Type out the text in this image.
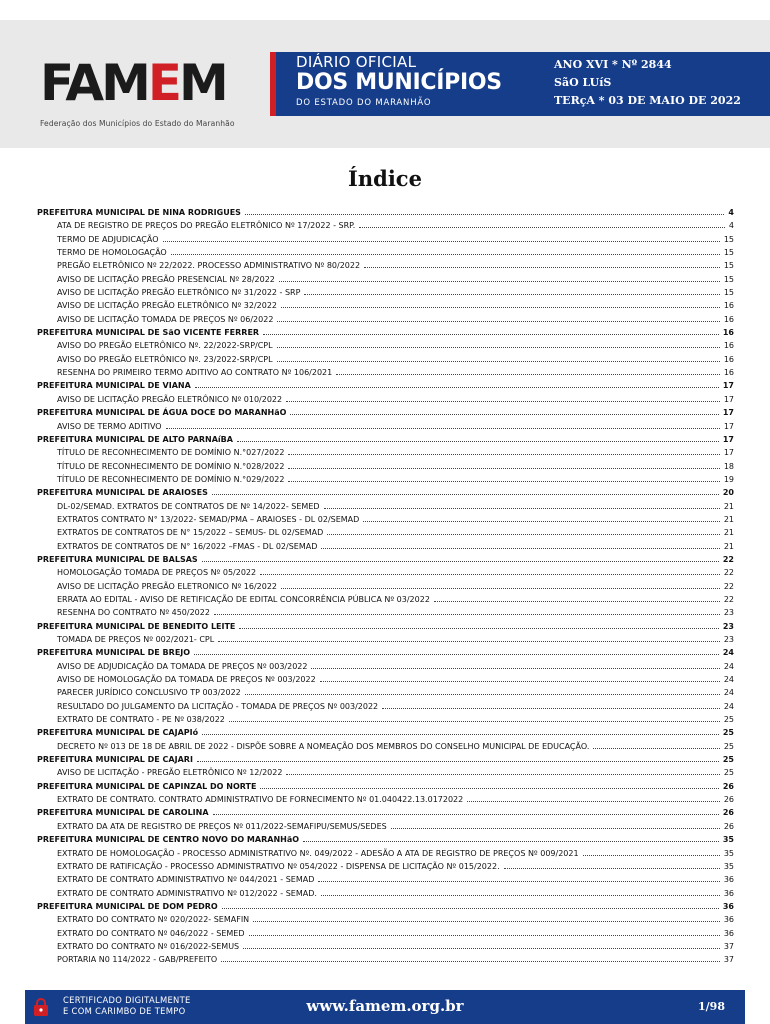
FAMEM
Federação dos Municípios do Estado do Maranhão
DIÁRIO OFICIAL
DOS MUNICÍPIOS
DO ESTADO DO MARANHÃO
ANO XVI * Nº 2844
SãO LUíS
TERçA * 03 DE MAIO DE 2022
Índice
PREFEITURA MUNICIPAL DE NINA RODRIGUES	4
ATA DE REGISTRO DE PREÇOS DO PREGÃO ELETRÔNICO Nº 17/2022 - SRP.	4
TERMO DE ADJUDICAÇÃO	15
TERMO DE HOMOLOGAÇÃO	15
PREGÃO ELETRÔNICO Nº 22/2022. PROCESSO ADMINISTRATIVO Nº 80/2022	15
AVISO DE LICITAÇÃO PREGÃO PRESENCIAL Nº 28/2022	15
AVISO DE LICITAÇÃO PREGÃO ELETRÔNICO Nº 31/2022 - SRP	15
AVISO DE LICITAÇÃO PREGÃO ELETRÔNICO Nº 32/2022	16
AVISO DE LICITAÇÃO TOMADA DE PREÇOS Nº 06/2022	16
PREFEITURA MUNICIPAL DE SãO VICENTE FERRER	16
AVISO DO PREGÃO ELETRÔNICO Nº. 22/2022-SRP/CPL	16
AVISO DO PREGÃO ELETRÔNICO Nº. 23/2022-SRP/CPL	16
RESENHA DO PRIMEIRO TERMO ADITIVO AO CONTRATO Nº 106/2021	16
PREFEITURA MUNICIPAL DE VIANA	17
AVISO DE LICITAÇÃO PREGÃO ELETRÔNICO Nº 010/2022	17
PREFEITURA MUNICIPAL DE ÁGUA DOCE DO MARANHãO	17
AVISO DE TERMO ADITIVO	17
PREFEITURA MUNICIPAL DE ALTO PARNAíBA	17
TÍTULO DE RECONHECIMENTO DE DOMÍNIO N.°027/2022	17
TÍTULO DE RECONHECIMENTO DE DOMÍNIO N.°028/2022	18
TÍTULO DE RECONHECIMENTO DE DOMÍNIO N.°029/2022	19
PREFEITURA MUNICIPAL DE ARAIOSES	20
DL-02/SEMAD. EXTRATOS DE CONTRATOS DE Nº 14/2022- SEMED	21
EXTRATOS CONTRATO N° 13/2022- SEMAD/PMA – ARAIOSES - DL 02/SEMAD	21
EXTRATOS DE CONTRATOS DE N° 15/2022 – SEMUS- DL 02/SEMAD	21
EXTRATOS DE CONTRATOS DE N° 16/2022 –FMAS - DL 02/SEMAD	21
PREFEITURA MUNICIPAL DE BALSAS	22
HOMOLOGAÇÃO TOMADA DE PREÇOS Nº 05/2022	22
AVISO DE LICITAÇÃO PREGÃO ELETRONICO Nº 16/2022	22
ERRATA AO EDITAL - AVISO DE RETIFICAÇÃO DE EDITAL CONCORRÊNCIA PÚBLICA Nº 03/2022	22
RESENHA DO CONTRATO Nº 450/2022	23
PREFEITURA MUNICIPAL DE BENEDITO LEITE	23
TOMADA DE PREÇOS Nº 002/2021- CPL	23
PREFEITURA MUNICIPAL DE BREJO	24
AVISO DE ADJUDICAÇÃO DA TOMADA DE PREÇOS Nº 003/2022	24
AVISO DE HOMOLOGAÇÃO DA TOMADA DE PREÇOS Nº 003/2022	24
PARECER JURÍDICO CONCLUSIVO TP 003/2022	24
RESULTADO DO JULGAMENTO DA LICITAÇÃO - TOMADA DE PREÇOS Nº 003/2022	24
EXTRATO DE CONTRATO - PE Nº 038/2022	25
PREFEITURA MUNICIPAL DE CAJAPIó	25
DECRETO Nº 013 DE 18 DE ABRIL DE 2022 - DISPÕE SOBRE A NOMEAÇÃO DOS MEMBROS DO CONSELHO MUNICIPAL DE EDUCAÇÃO.	25
PREFEITURA MUNICIPAL DE CAJARI	25
AVISO DE LICITAÇÃO - PREGÃO ELETRÔNICO Nº 12/2022	25
PREFEITURA MUNICIPAL DE CAPINZAL DO NORTE	26
EXTRATO DE CONTRATO. CONTRATO ADMINISTRATIVO DE FORNECIMENTO Nº 01.040422.13.0172022	26
PREFEITURA MUNICIPAL DE CAROLINA	26
EXTRATO DA ATA DE REGISTRO DE PREÇOS Nº 011/2022-SEMAFIPU/SEMUS/SEDES	26
PREFEITURA MUNICIPAL DE CENTRO NOVO DO MARANHãO	35
EXTRATO DE HOMOLOGAÇÃO - PROCESSO ADMINISTRATIVO Nº. 049/2022 - ADESÃO A ATA DE REGISTRO DE PREÇOS Nº 009/2021	35
EXTRATO DE RATIFICAÇÃO - PROCESSO ADMINISTRATIVO Nº 054/2022 - DISPENSA DE LICITAÇÃO Nº 015/2022.	35
EXTRATO DE CONTRATO ADMINISTRATIVO Nº 044/2021 - SEMAD	36
EXTRATO DE CONTRATO ADMINISTRATIVO Nº 012/2022 - SEMAD.	36
PREFEITURA MUNICIPAL DE DOM PEDRO	36
EXTRATO DO CONTRATO Nº 020/2022- SEMAFIN	36
EXTRATO DO CONTRATO Nº 046/2022 - SEMED	36
EXTRATO DO CONTRATO Nº 016/2022-SEMUS	37
PORTARIA N0 114/2022 - GAB/PREFEITO	37
CERTIFICADO DIGITALMENTE
E COM CARIMBO DE TEMPO	www.famem.org.br	1/98
